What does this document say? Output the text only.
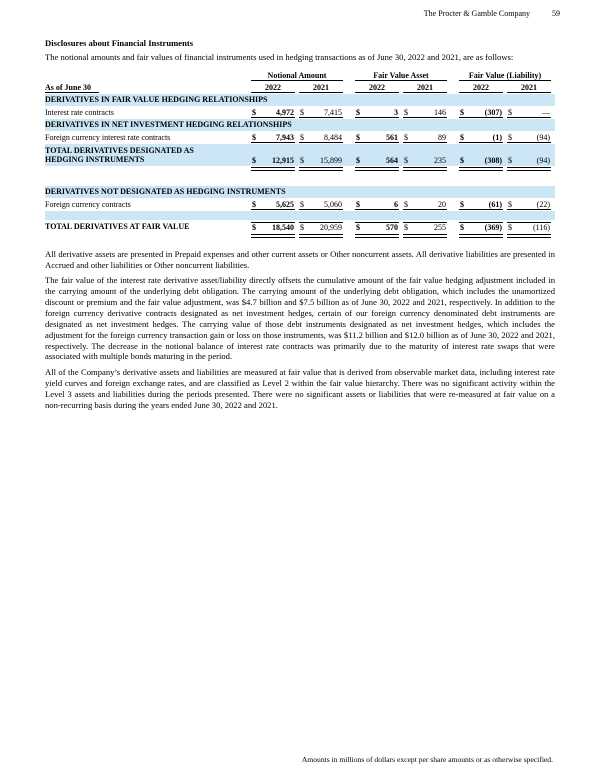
The Procter & Gamble Company	59
Disclosures about Financial Instruments
The notional amounts and fair values of financial instruments used in hedging transactions as of June 30, 2022 and 2021, are as follows:
Notional Amount	Fair Value Asset	Fair Value (Liability)
As of June 30	2022	2021	2022	2021	2022	2021
DERIVATIVES IN FAIR VALUE HEDGING RELATIONSHIPS
Interest rate contracts	$	4,972 $	7,415 $	3 $	146 $	(307) $	—
DERIVATIVES IN NET INVESTMENT HEDGING RELATIONSHIPS
Foreign currency interest rate contracts	$	7,943 $	8,484 $	561 $	89 $	(1) $	(94)
TOTAL DERIVATIVES DESIGNATED AS
HEDGING INSTRUMENTS	$ 12,915 $ 15,899 $	564 $	235 $	(308) $	(94)
DERIVATIVES NOT DESIGNATED AS HEDGING INSTRUMENTS
Foreign currency contracts	$	5,625 $	5,060 $	6 $	20 $	(61) $	(22)
TOTAL DERIVATIVES AT FAIR VALUE	$ 18,540 $ 20,959 $	570 $	255 $	(369) $	(116)

All derivative assets are presented in Prepaid expenses and other current assets or Other noncurrent assets. All derivative liabilities are presented in Accrued and other liabilities or Other noncurrent liabilities.

The fair value of the interest rate derivative asset/liability directly offsets the cumulative amount of the fair value hedging adjustment included in the carrying amount of the underlying debt obligation. The carrying amount of the underlying debt obligation, which includes the unamortized discount or premium and the fair value adjustment, was $4.7 billion and $7.5 billion as of June 30, 2022 and 2021, respectively. In addition to the foreign currency derivative contracts designated as net investment hedges, certain of our foreign currency denominated debt instruments are designated as net investment hedges. The carrying value of those debt instruments designated as net investment hedges, which includes the adjustment for the foreign currency transaction gain or loss on those instruments, was $11.2 billion and $12.0 billion as of June 30, 2022 and 2021, respectively. The decrease in the notional balance of interest rate contracts was primarily due to the maturity of interest rate swaps that were associated with multiple bonds maturing in the period.

All of the Company’s derivative assets and liabilities are measured at fair value that is derived from observable market data, including interest rate yield curves and foreign exchange rates, and are classified as Level 2 within the fair value hierarchy. There was no significant activity within the Level 3 assets and liabilities during the periods presented. There were no significant assets or liabilities that were re-measured at fair value on a non-recurring basis during the years ended June 30, 2022 and 2021.

Amounts in millions of dollars except per share amounts or as otherwise specified.
